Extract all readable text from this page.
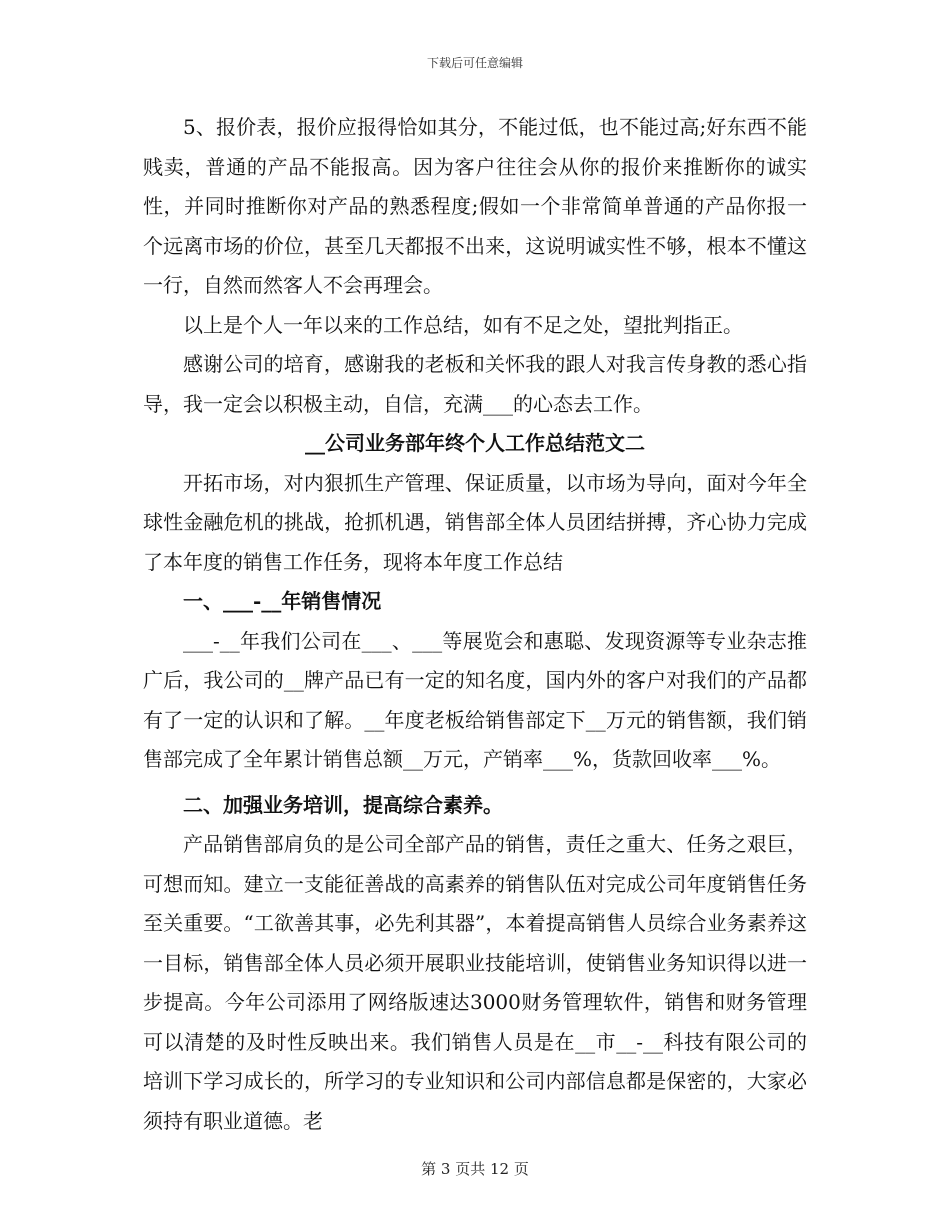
下载后可任意编辑

5、报价表，报价应报得恰如其分，不能过低，也不能过高;好东西不能贱卖，普通的产品不能报高。因为客户往往会从你的报价来推断你的诚实性，并同时推断你对产品的熟悉程度;假如一个非常简单普通的产品你报一个远离市场的价位，甚至几天都报不出来，这说明诚实性不够，根本不懂这一行，自然而然客人不会再理会。

以上是个人一年以来的工作总结，如有不足之处，望批判指正。

感谢公司的培育，感谢我的老板和关怀我的跟人对我言传身教的悉心指导，我一定会以积极主动，自信，充满___的心态去工作。

__公司业务部年终个人工作总结范文二

开拓市场，对内狠抓生产管理、保证质量，以市场为导向，面对今年全球性金融危机的挑战，抢抓机遇，销售部全体人员团结拼搏，齐心协力完成了本年度的销售工作任务，现将本年度工作总结

一、___-__年销售情况

___-__年我们公司在___、___等展览会和惠聪、发现资源等专业杂志推广后，我公司的__牌产品已有一定的知名度，国内外的客户对我们的产品都有了一定的认识和了解。__年度老板给销售部定下__万元的销售额，我们销售部完成了全年累计销售总额__万元，产销率___%，货款回收率___%。

二、加强业务培训，提高综合素养。

产品销售部肩负的是公司全部产品的销售，责任之重大、任务之艰巨，可想而知。建立一支能征善战的高素养的销售队伍对完成公司年度销售任务至关重要。“工欲善其事，必先利其器”，本着提高销售人员综合业务素养这一目标，销售部全体人员必须开展职业技能培训，使销售业务知识得以进一步提高。今年公司添用了网络版速达3000财务管理软件，销售和财务管理可以清楚的及时性反映出来。我们销售人员是在__市__-__科技有限公司的培训下学习成长的，所学习的专业知识和公司内部信息都是保密的，大家必须持有职业道德。老

第 3 页共 12 页
